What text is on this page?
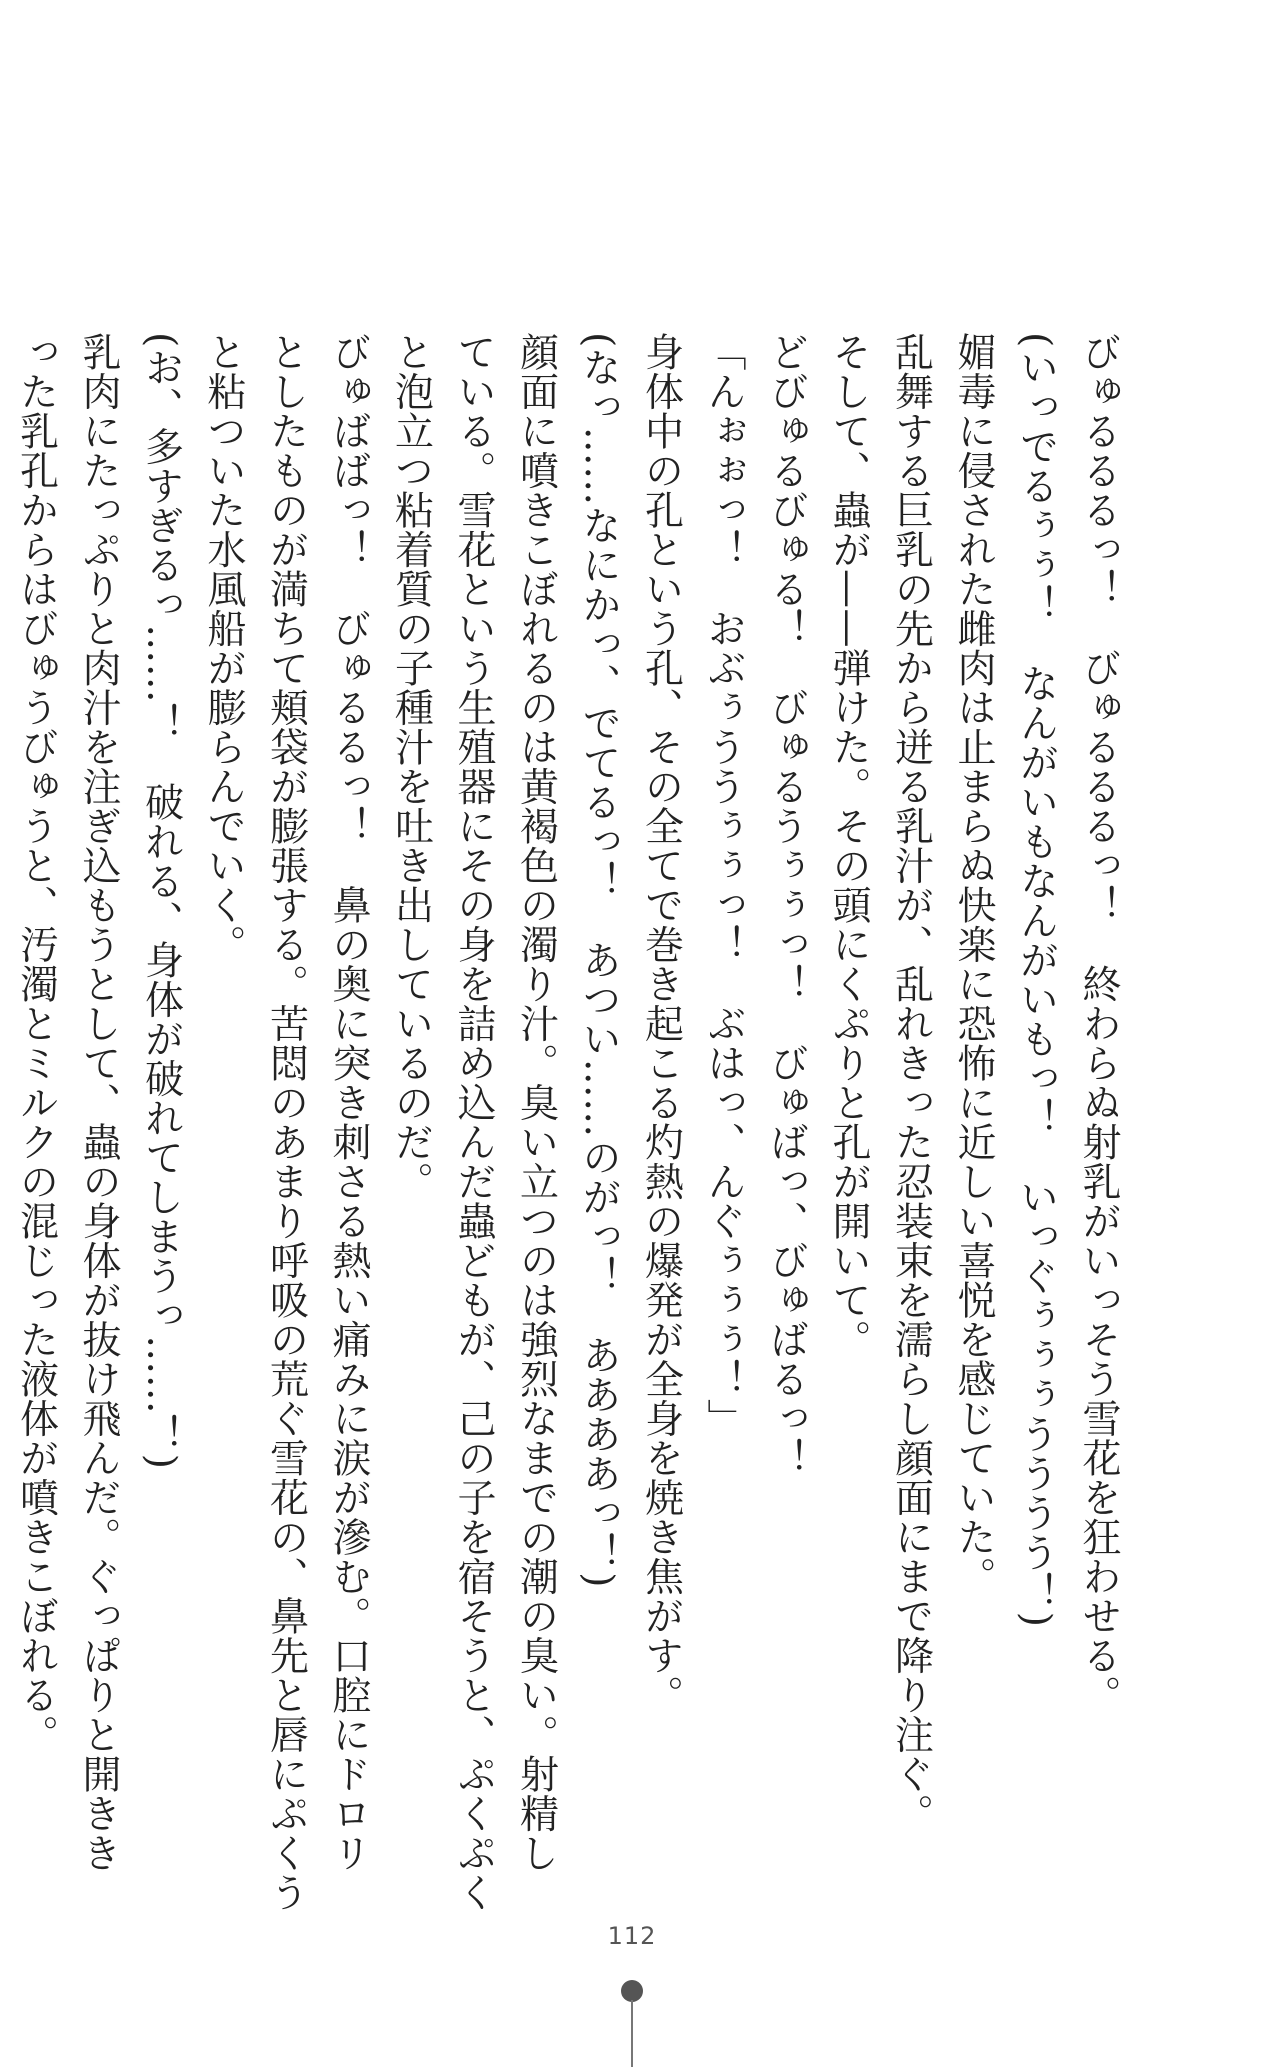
びゅるるるっ！　びゅるるるっ！　終わらぬ射乳がいっそう雪花を狂わせる。
(いっでるぅぅ！　なんがいもなんがいもっ！　いっぐぅぅぅうううう！)
媚毒に侵された雌肉は止まらぬ快楽に恐怖に近しい喜悦を感じていた。
乱舞する巨乳の先から迸る乳汁が、乱れきった忍装束を濡らし顔面にまで降り注ぐ。
そして、蟲が——弾けた。その頭にくぷりと孔が開いて。
どびゅるびゅる！　びゅるうぅぅっ！　びゅばっ、びゅばるっ！
「んぉぉっ！　おぶぅううぅぅっ！　ぶはっ、んぐぅぅぅ！」
身体中の孔という孔、その全てで巻き起こる灼熱の爆発が全身を焼き焦がす。
(なっ……なにかっ、でてるっ！　あつい……のがっ！　ああああっ！)
顔面に噴きこぼれるのは黄褐色の濁り汁。臭い立つのは強烈なまでの潮の臭い。射精し
ている。雪花という生殖器にその身を詰め込んだ蟲どもが、己の子を宿そうと、ぷくぷく
と泡立つ粘着質の子種汁を吐き出しているのだ。
びゅばばっ！　びゅるるっ！　鼻の奥に突き刺さる熱い痛みに涙が滲む。口腔にドロリ
としたものが満ちて頬袋が膨張する。苦悶のあまり呼吸の荒ぐ雪花の、鼻先と唇にぷくう
と粘ついた水風船が膨らんでいく。
(お、多すぎるっ……！　破れる、身体が破れてしまうっ……！)
乳肉にたっぷりと肉汁を注ぎ込もうとして、蟲の身体が抜け飛んだ。ぐっぱりと開きき
った乳孔からはびゅうびゅうと、汚濁とミルクの混じった液体が噴きこぼれる。
112
